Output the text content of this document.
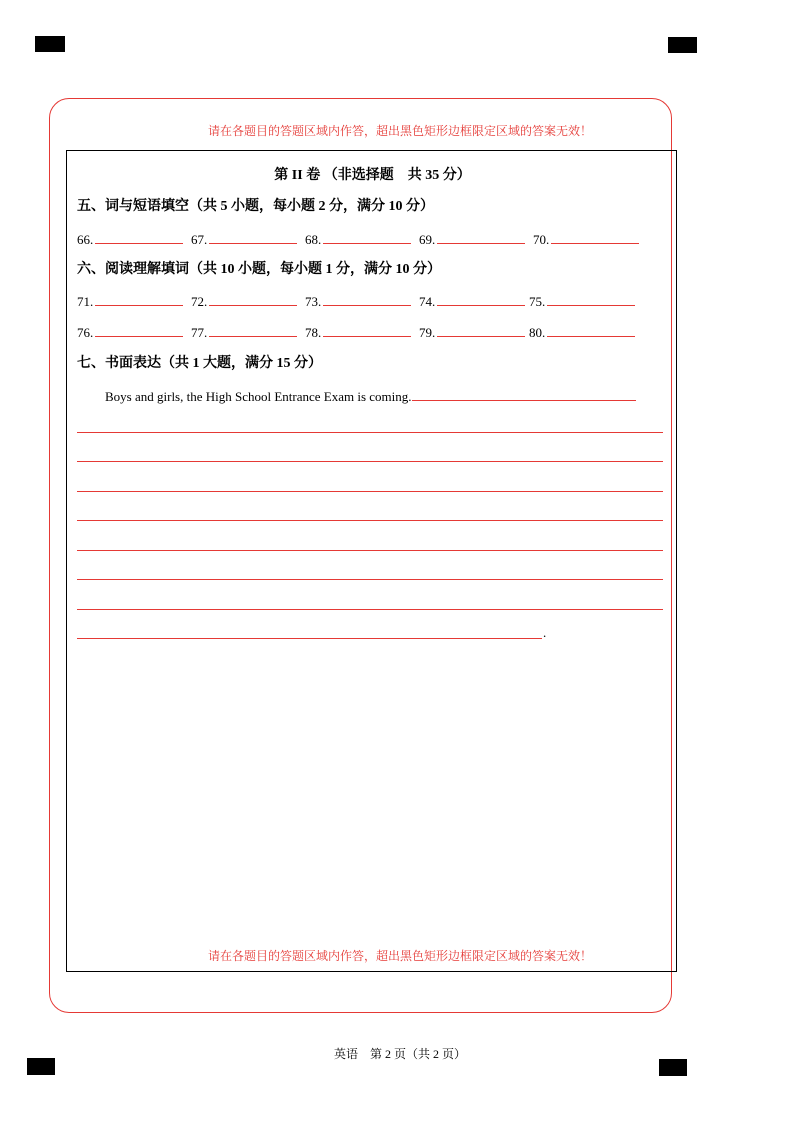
请在各题目的答题区域内作答，超出黑色矩形边框限定区域的答案无效！
第 II 卷 （非选择题　共 35 分）
五、词与短语填空（共 5 小题，每小题 2 分，满分 10 分）
66.	67.	68.	69.	70.
六、阅读理解填词（共 10 小题，每小题 1 分，满分 10 分）
71.	72.	73.	74.	75.
76.	77.	78.	79.	80.
七、书面表达（共 1 大题，满分 15 分）
Boys and girls, the High School Entrance Exam is coming.
.
请在各题目的答题区域内作答，超出黑色矩形边框限定区域的答案无效！
英语　第 2 页（共 2 页）
